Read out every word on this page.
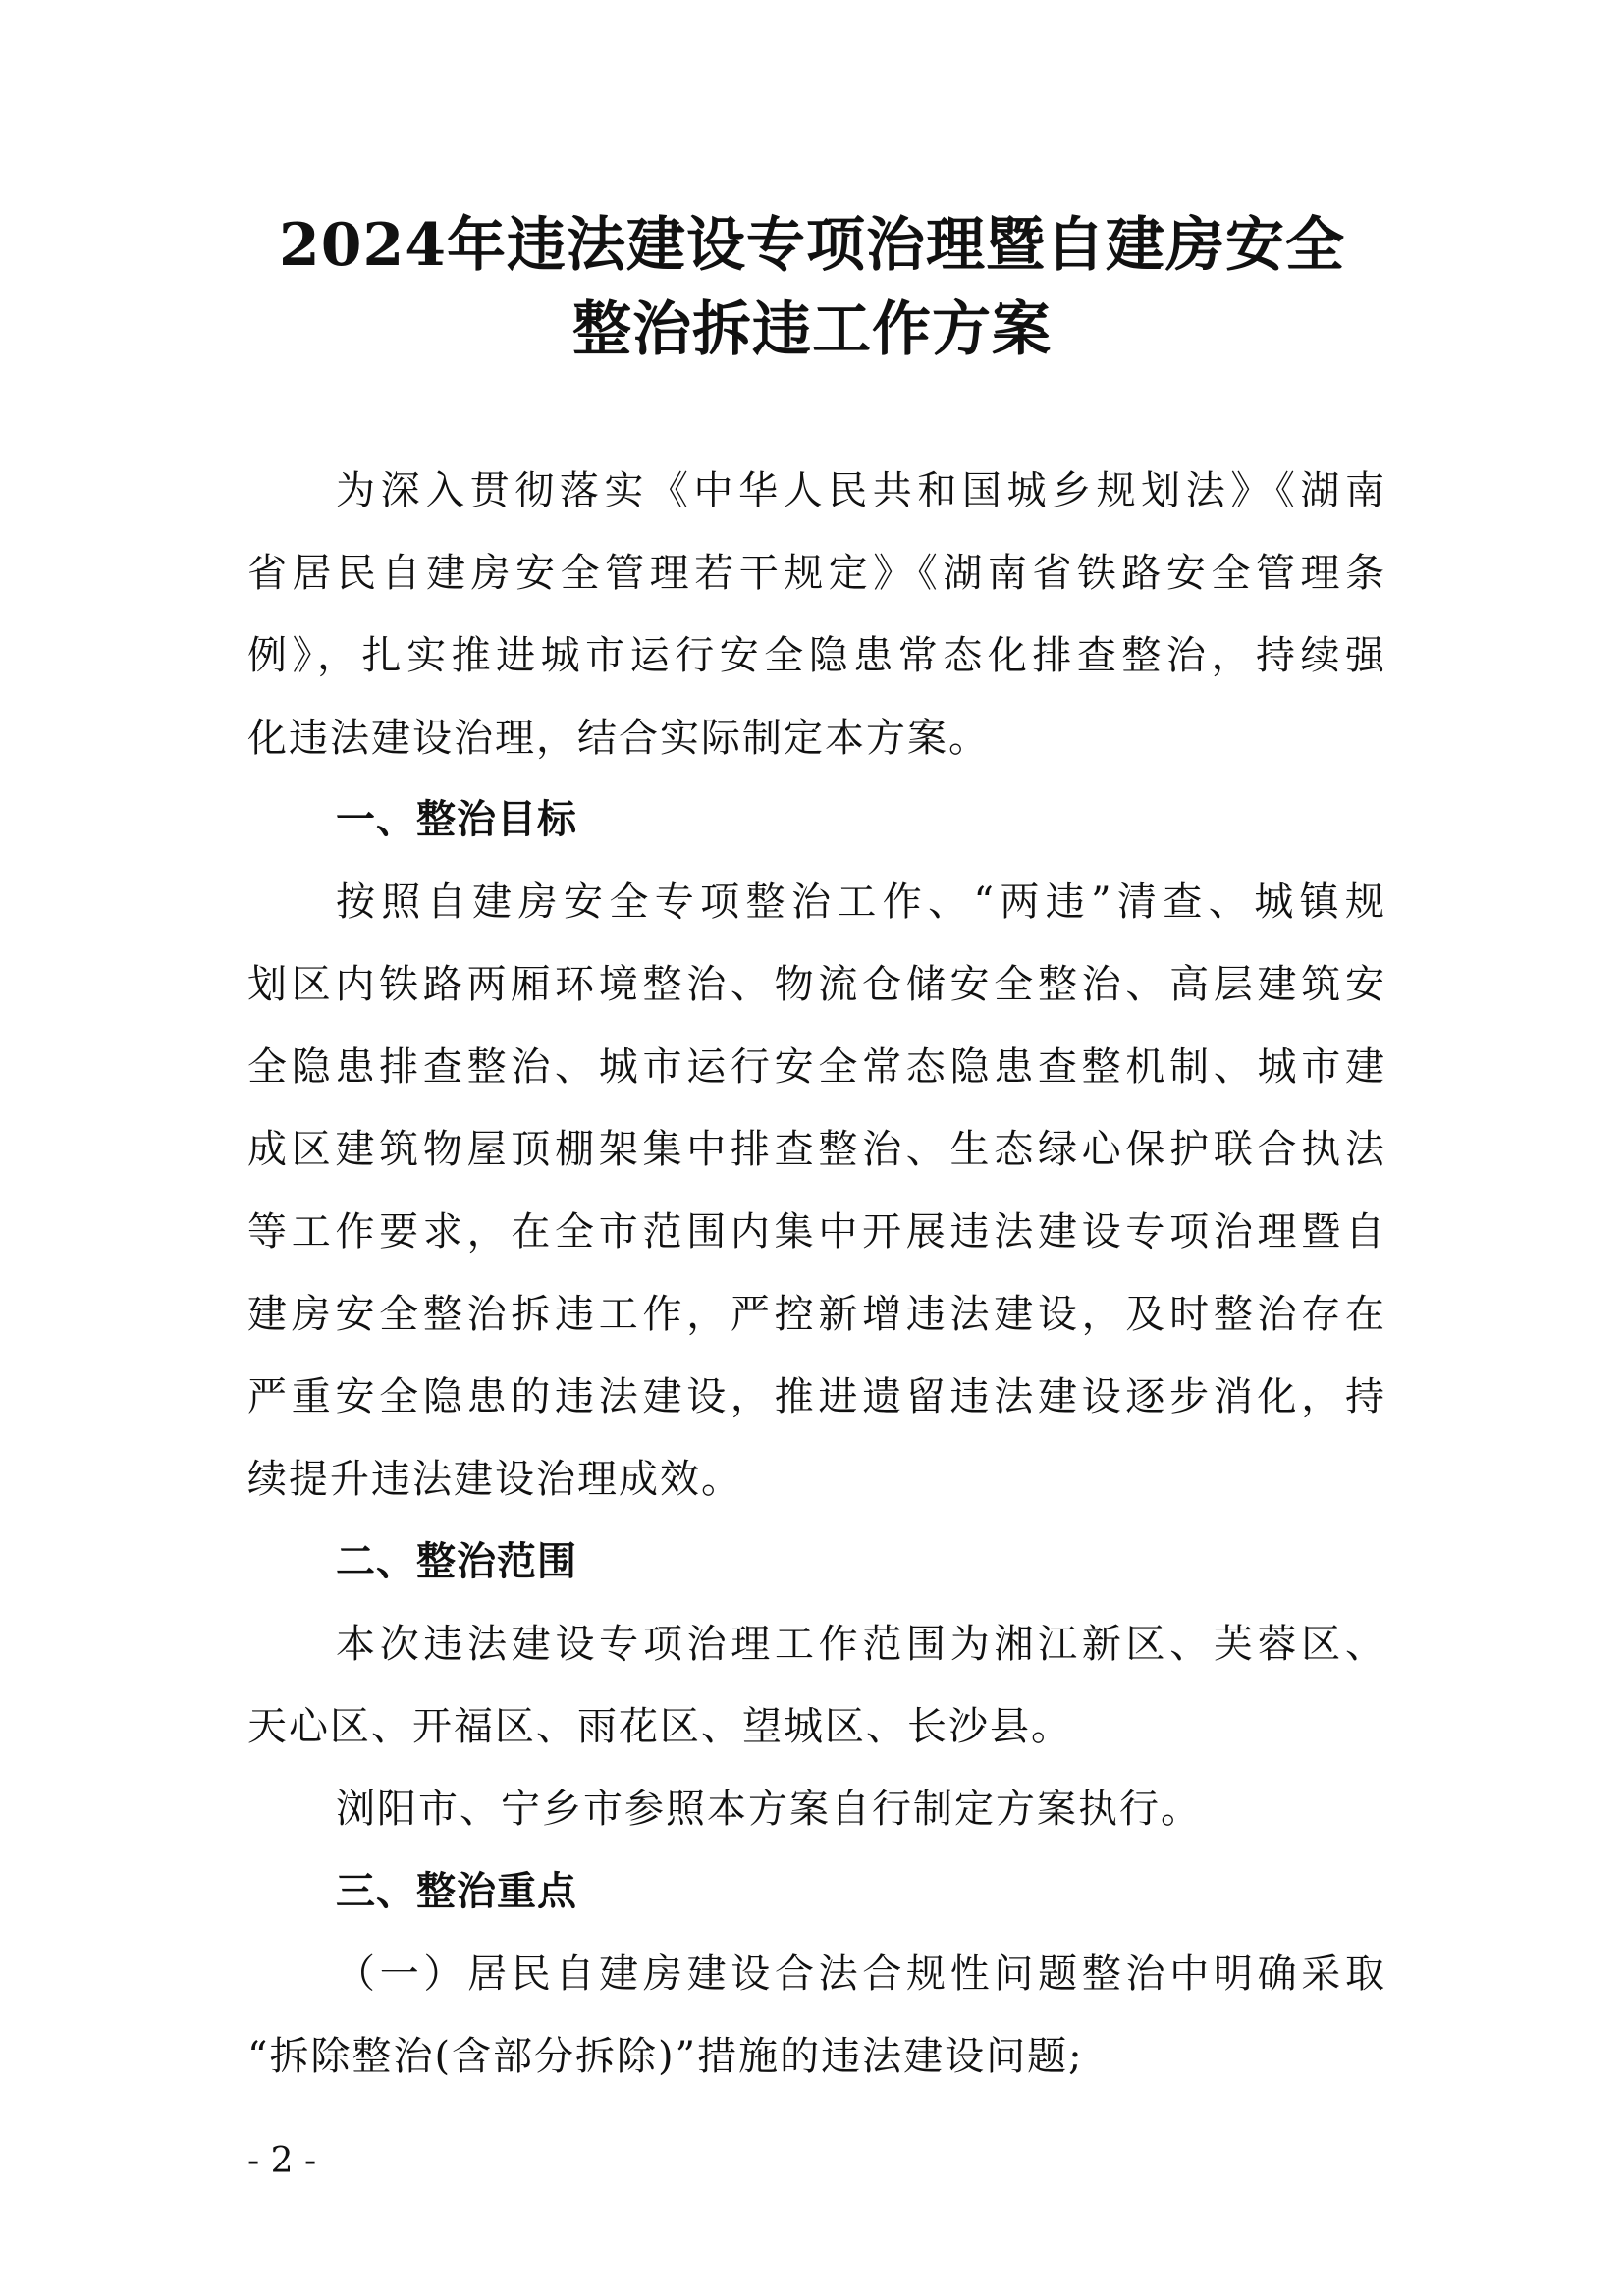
2024年违法建设专项治理暨自建房安全
整治拆违工作方案
为深入贯彻落实《中华人民共和国城乡规划法》《湖南
省居民自建房安全管理若干规定》《湖南省铁路安全管理条
例》，扎实推进城市运行安全隐患常态化排查整治，持续强
化违法建设治理，结合实际制定本方案。
一、整治目标
按照自建房安全专项整治工作、“两违”清查、城镇规
划区内铁路两厢环境整治、物流仓储安全整治、高层建筑安
全隐患排查整治、城市运行安全常态隐患查整机制、城市建
成区建筑物屋顶棚架集中排查整治、生态绿心保护联合执法
等工作要求，在全市范围内集中开展违法建设专项治理暨自
建房安全整治拆违工作，严控新增违法建设，及时整治存在
严重安全隐患的违法建设，推进遗留违法建设逐步消化，持
续提升违法建设治理成效。
二、整治范围
本次违法建设专项治理工作范围为湘江新区、芙蓉区、
天心区、开福区、雨花区、望城区、长沙县。
浏阳市、宁乡市参照本方案自行制定方案执行。
三、整治重点
（一）居民自建房建设合法合规性问题整治中明确采取
“拆除整治(含部分拆除)”措施的违法建设问题;
- 2 -
